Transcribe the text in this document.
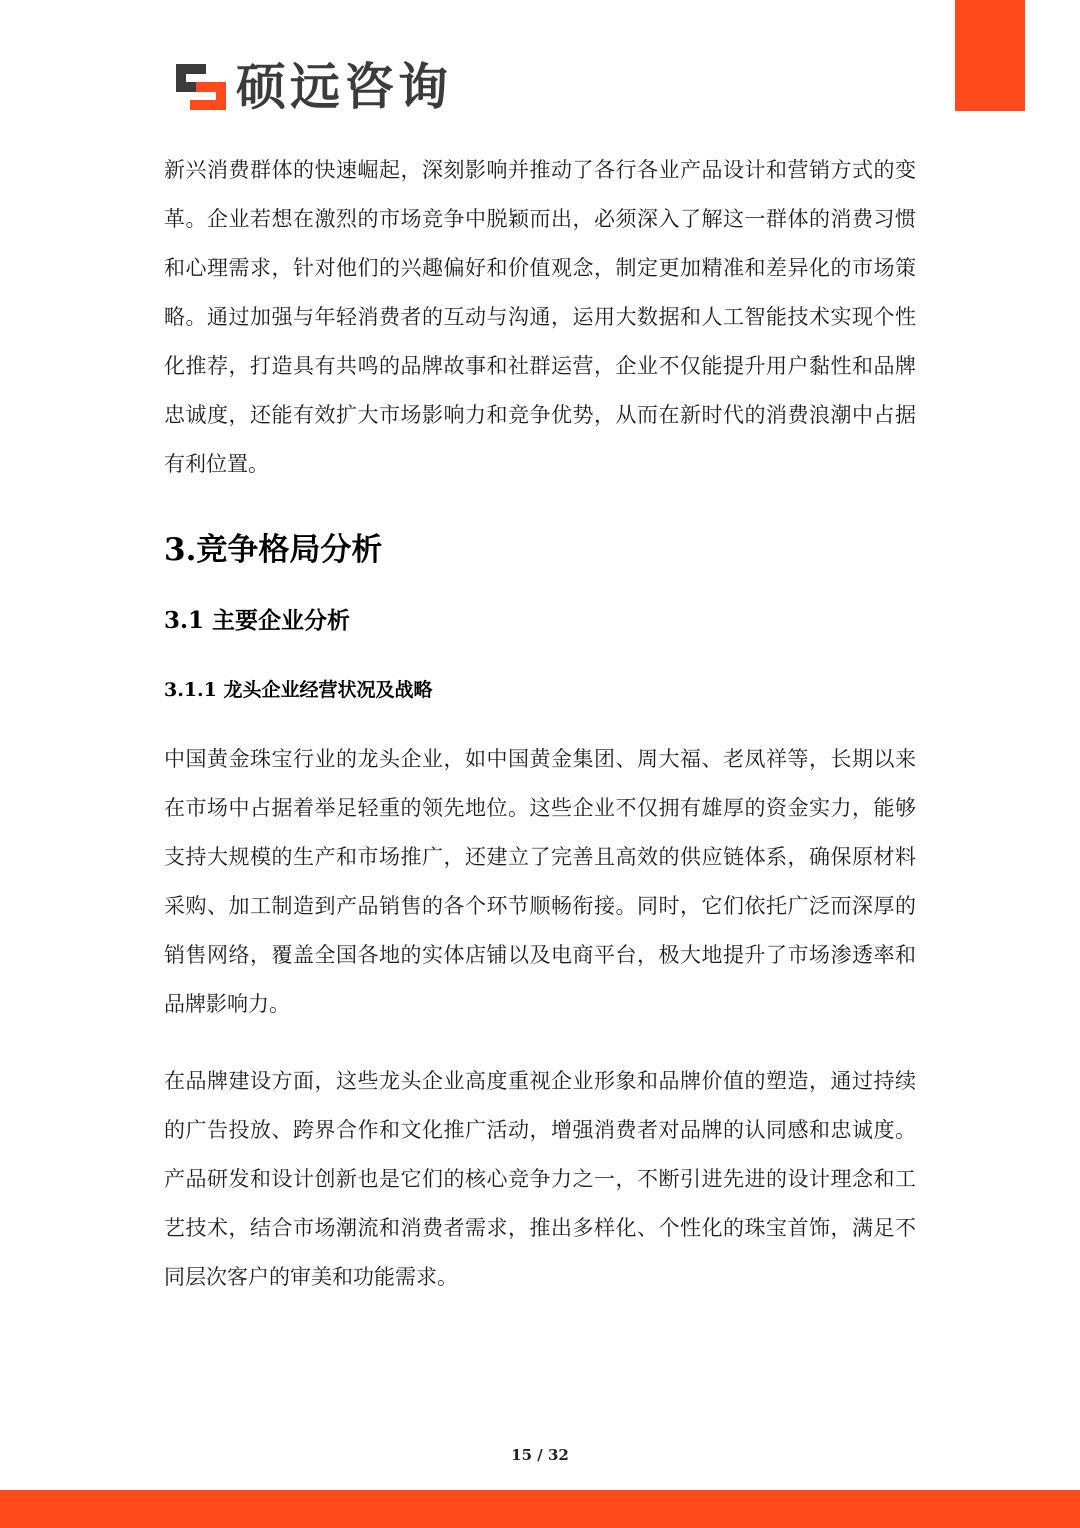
硕远咨询

新兴消费群体的快速崛起，深刻影响并推动了各行各业产品设计和营销方式的变革。企业若想在激烈的市场竞争中脱颖而出，必须深入了解这一群体的消费习惯和心理需求，针对他们的兴趣偏好和价值观念，制定更加精准和差异化的市场策略。通过加强与年轻消费者的互动与沟通，运用大数据和人工智能技术实现个性化推荐，打造具有共鸣的品牌故事和社群运营，企业不仅能提升用户黏性和品牌忠诚度，还能有效扩大市场影响力和竞争优势，从而在新时代的消费浪潮中占据有利位置。

3.竞争格局分析
3.1 主要企业分析
3.1.1 龙头企业经营状况及战略

中国黄金珠宝行业的龙头企业，如中国黄金集团、周大福、老凤祥等，长期以来在市场中占据着举足轻重的领先地位。这些企业不仅拥有雄厚的资金实力，能够支持大规模的生产和市场推广，还建立了完善且高效的供应链体系，确保原材料采购、加工制造到产品销售的各个环节顺畅衔接。同时，它们依托广泛而深厚的销售网络，覆盖全国各地的实体店铺以及电商平台，极大地提升了市场渗透率和品牌影响力。

在品牌建设方面，这些龙头企业高度重视企业形象和品牌价值的塑造，通过持续的广告投放、跨界合作和文化推广活动，增强消费者对品牌的认同感和忠诚度。产品研发和设计创新也是它们的核心竞争力之一，不断引进先进的设计理念和工艺技术，结合市场潮流和消费者需求，推出多样化、个性化的珠宝首饰，满足不同层次客户的审美和功能需求。

15 / 32
